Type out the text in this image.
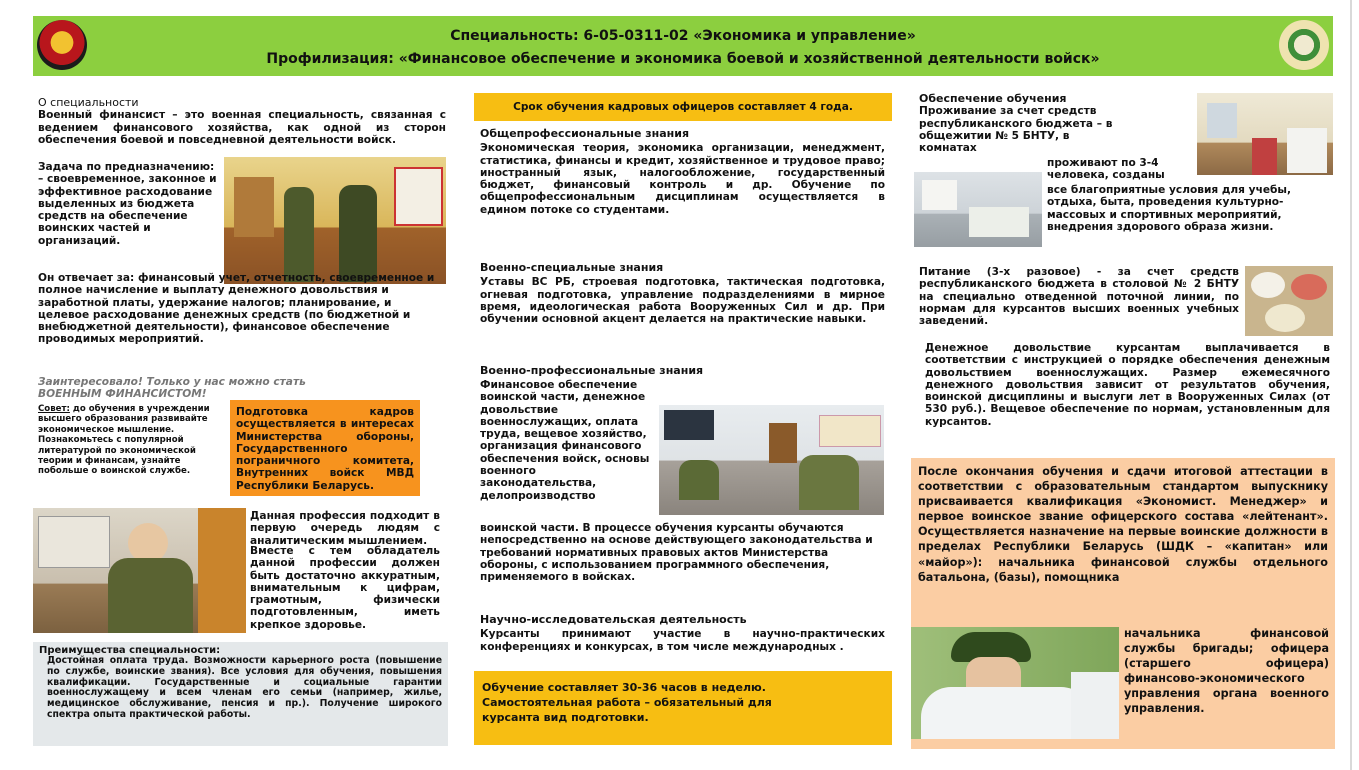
Специальность: 6-05-0311-02 «Экономика и управление»
Профилизация: «Финансовое обеспечение и экономика боевой и хозяйственной деятельности войск»
О специальности

Военный финансист – это военная специальность, связанная с ведением финансового хозяйства, как одной из сторон обеспечения боевой и повседневной деятельности войск.

Задача по предназначению: – своевременное, законное и эффективное расходование выделенных из бюджета средств на обеспечение воинских частей и организаций.
Он отвечает за: финансовый учет, отчетность, своевременное и полное начисление и выплату денежного довольствия и заработной платы, удержание налогов; планирование, и целевое расходование денежных средств (по бюджетной и внебюджетной деятельности), финансовое обеспечение проводимых мероприятий.
Заинтересовало! Только у нас можно стать ВОЕННЫМ ФИНАНСИСТОМ!
Совет: до обучения в учреждении высшего образования развивайте экономическое мышление. Познакомьтесь с популярной литературой по экономической теории и финансам, узнайте побольше о воинской службе.

Подготовка кадров осуществляется в интересах Министерства обороны, Государственного пограничного комитета, Внутренних войск МВД Республики Беларусь.

Данная профессия подходит в первую очередь людям с аналитическим мышлением.
Вместе с тем обладатель данной профессии должен быть достаточно аккуратным, внимательным к цифрам, грамотным, физически подготовленным, иметь крепкое здоровье.
Преимущества специальности:

Достойная оплата труда. Возможности карьерного роста (повышение по службе, воинские звания). Все условия для обучения, повышения квалификации. Государственные и социальные гарантии военнослужащему и всем членам его семьи (например, жилье, медицинское обслуживание, пенсия и пр.). Получение широкого спектра опыта практической работы.

Срок обучения кадровых офицеров составляет 4 года.
Общепрофессиональные знания

Экономическая теория, экономика организации, менеджмент, статистика, финансы и кредит, хозяйственное и трудовое право; иностранный язык, налогообложение, государственный бюджет, финансовый контроль и др. Обучение по общепрофессиональным дисциплинам осуществляется в едином потоке со студентами.

Военно-специальные знания

Уставы ВС РБ, строевая подготовка, тактическая подготовка, огневая подготовка, управление подразделениями в мирное время, идеологическая работа Вооруженных Сил и др. При обучении основной акцент делается на практические навыки.

Военно-профессиональные знания
Финансовое обеспечение воинской части, денежное довольствие военнослужащих, оплата труда, вещевое хозяйство, организация финансового обеспечения войск, основы военного законодательства, делопроизводство
воинской части. В процессе обучения курсанты обучаются непосредственно на основе действующего законодательства и требований нормативных правовых актов Министерства обороны, с использованием программного обеспечения, применяемого в войсках.
Научно-исследовательская деятельность

Курсанты принимают участие в научно-практических конференциях и конкурсах, в том числе международных .

Обучение составляет 30-36 часов в неделю. Самостоятельная работа – обязательный для курсанта вид подготовки.

Обеспечение обучения

Проживание за счет средств республиканского бюджета – в общежитии № 5 БНТУ, в комнатах

проживают по 3-4 человека, созданы
все благоприятные условия для учебы, отдыха, быта, проведения культурно-массовых и спортивных мероприятий, внедрения здорового образа жизни.
Питание (3-х разовое) - за счет средств республиканского бюджета в столовой № 2 БНТУ на специально отведенной поточной линии, по нормам для курсантов высших военных учебных заведений.
Денежное довольствие курсантам выплачивается в соответствии с инструкцией о порядке обеспечения денежным довольствием военнослужащих. Размер ежемесячного денежного довольствия зависит от результатов обучения, воинской дисциплины и выслуги лет в Вооруженных Силах (от 530 руб.). Вещевое обеспечение по нормам, установленным для курсантов.
После окончания обучения и сдачи итоговой аттестации в соответствии с образовательным стандартом выпускнику присваивается квалификация «Экономист. Менеджер» и первое воинское звание офицерского состава «лейтенант». Осуществляется назначение на первые воинские должности в пределах Республики Беларусь (ШДК – «капитан» или «майор»): начальника финансовой службы отдельного батальона, (базы), помощника
начальника финансовой службы бригады; офицера (старшего офицера) финансово-экономического управления органа военного управления.
